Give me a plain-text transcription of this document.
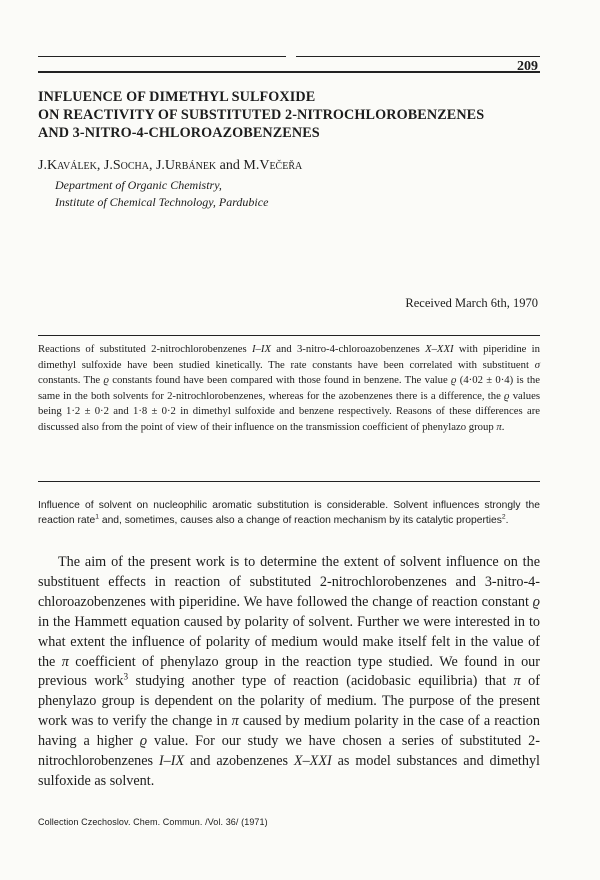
209
INFLUENCE OF DIMETHYL SULFOXIDE
ON REACTIVITY OF SUBSTITUTED 2-NITROCHLOROBENZENES
AND 3-NITRO-4-CHLOROAZOBENZENES
J.Kaválek, J.Socha, J.Urbánek and M.Večeřa
Department of Organic Chemistry,
Institute of Chemical Technology, Pardubice
Received March 6th, 1970
Reactions of substituted 2-nitrochlorobenzenes I–IX and 3-nitro-4-chloroazobenzenes X–XXI with piperidine in dimethyl sulfoxide have been studied kinetically. The rate constants have been correlated with substituent σ constants. The ϱ constants found have been compared with those found in benzene. The value ϱ (4·02 ± 0·4) is the same in the both solvents for 2-nitrochlorobenzenes, whereas for the azobenzenes there is a difference, the ϱ values being 1·2 ± 0·2 and 1·8 ± 0·2 in dimethyl sulfoxide and benzene respectively. Reasons of these differences are discussed also from the point of view of their influence on the transmission coefficient of phenylazo group π.
Influence of solvent on nucleophilic aromatic substitution is considerable. Solvent influences strongly the reaction rate$^1$ and, sometimes, causes also a change of reaction mechanism by its catalytic properties$^2$.
The aim of the present work is to determine the extent of solvent influence on the substituent effects in reaction of substituted 2-nitrochlorobenzenes and 3-nitro-4-chloroazobenzenes with piperidine. We have followed the change of reaction constant ϱ in the Hammett equation caused by polarity of solvent. Further we were interested in to what extent the influence of polarity of medium would make itself felt in the value of the π coefficient of phenylazo group in the reaction type studied. We found in our previous work$^3$ studying another type of reaction (acidobasic equilibria) that π of phenylazo group is dependent on the polarity of medium. The purpose of the present work was to verify the change in π caused by medium polarity in the case of a reaction having a higher ϱ value. For our study we have chosen a series of substituted 2-nitrochlorobenzenes I–IX and azobenzenes X–XXI as model substances and dimethyl sulfoxide as solvent.
Collection Czechoslov. Chem. Commun. /Vol. 36/ (1971)
